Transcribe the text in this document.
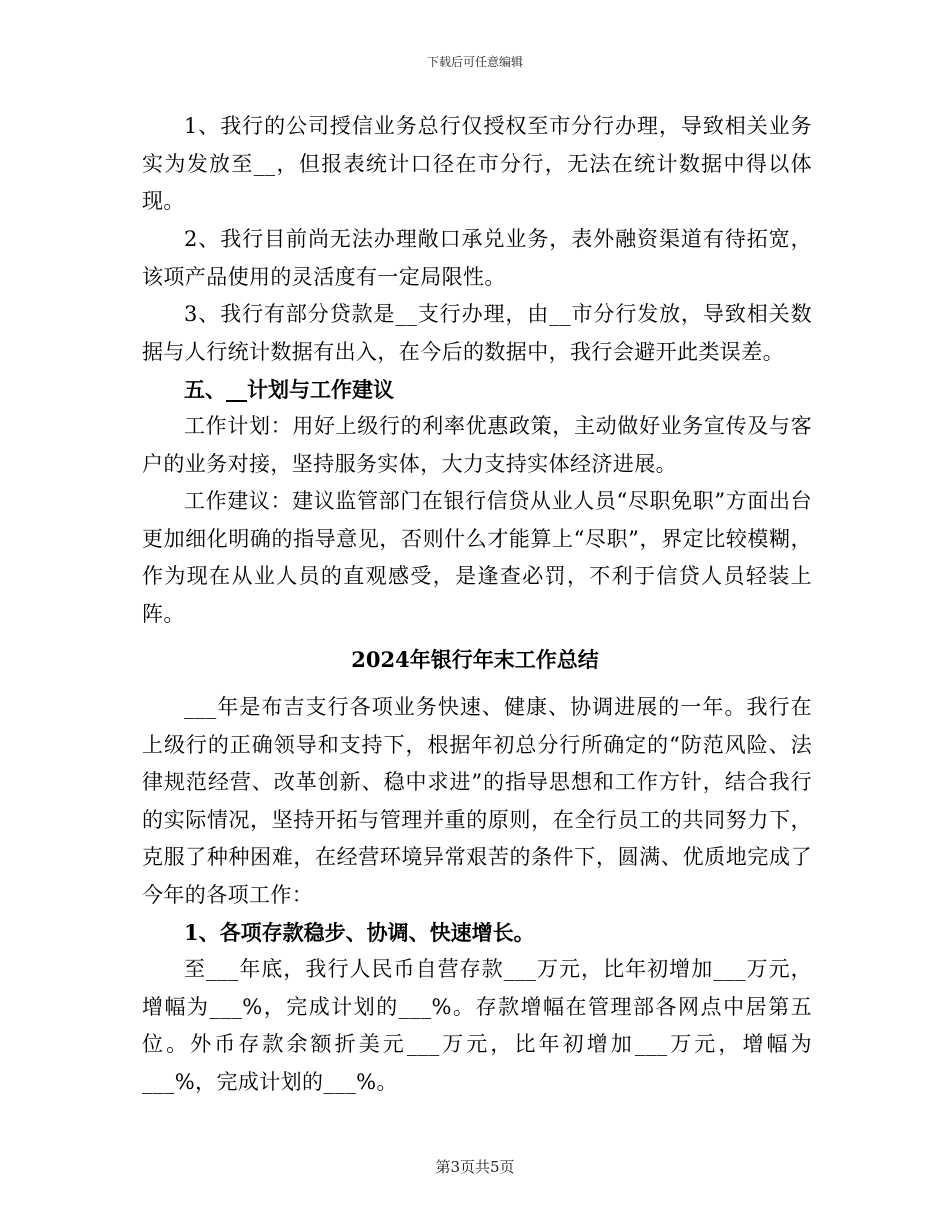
下载后可任意编辑

1、我行的公司授信业务总行仅授权至市分行办理，导致相关业务实为发放至__，但报表统计口径在市分行，无法在统计数据中得以体现。

2、我行目前尚无法办理敞口承兑业务，表外融资渠道有待拓宽，该项产品使用的灵活度有一定局限性。

3、我行有部分贷款是__支行办理，由__市分行发放，导致相关数据与人行统计数据有出入，在今后的数据中，我行会避开此类误差。

五、__计划与工作建议

工作计划：用好上级行的利率优惠政策，主动做好业务宣传及与客户的业务对接，坚持服务实体，大力支持实体经济进展。

工作建议：建议监管部门在银行信贷从业人员“尽职免职”方面出台更加细化明确的指导意见，否则什么才能算上“尽职”，界定比较模糊，作为现在从业人员的直观感受，是逢查必罚，不利于信贷人员轻装上阵。

2024年银行年末工作总结

___年是布吉支行各项业务快速、健康、协调进展的一年。我行在上级行的正确领导和支持下，根据年初总分行所确定的“防范风险、法律规范经营、改革创新、稳中求进”的指导思想和工作方针，结合我行的实际情况，坚持开拓与管理并重的原则，在全行员工的共同努力下，克服了种种困难，在经营环境异常艰苦的条件下，圆满、优质地完成了今年的各项工作：

1、各项存款稳步、协调、快速增长。

至___年底，我行人民币自营存款___万元，比年初增加___万元，增幅为___%，完成计划的___%。存款增幅在管理部各网点中居第五位。外币存款余额折美元___万元，比年初增加___万元，增幅为___%，完成计划的___%。

第3页共5页
